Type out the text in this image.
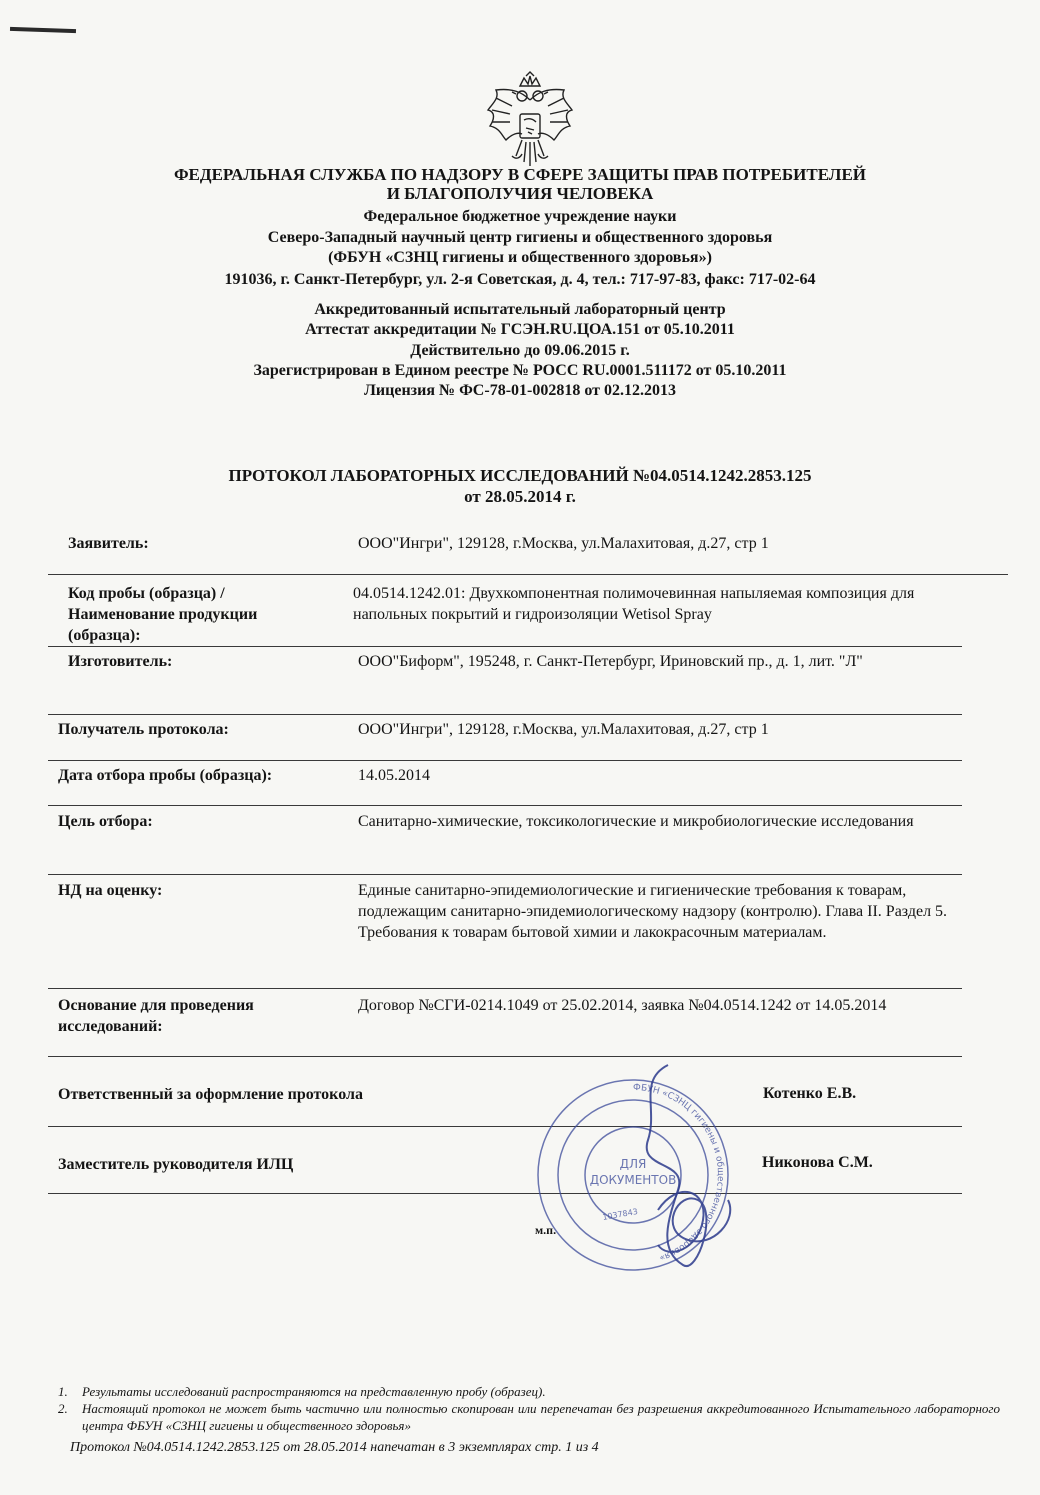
ФЕДЕРАЛЬНАЯ СЛУЖБА ПО НАДЗОРУ В СФЕРЕ ЗАЩИТЫ ПРАВ ПОТРЕБИТЕЛЕЙ
И БЛАГОПОЛУЧИЯ ЧЕЛОВЕКА
Федеральное бюджетное учреждение науки
Северо-Западный научный центр гигиены и общественного здоровья
(ФБУН «СЗНЦ гигиены и общественного здоровья»)
191036, г. Санкт-Петербург, ул. 2-я Советская, д. 4, тел.: 717-97-83, факс: 717-02-64
Аккредитованный испытательный лабораторный центр
Аттестат аккредитации № ГСЭН.RU.ЦОА.151 от 05.10.2011
Действительно до 09.06.2015 г.
Зарегистрирован в Едином реестре № РОСС RU.0001.511172 от 05.10.2011
Лицензия № ФС-78-01-002818 от 02.12.2013
ПРОТОКОЛ ЛАБОРАТОРНЫХ ИССЛЕДОВАНИЙ №04.0514.1242.2853.125
от 28.05.2014 г.
Заявитель:	ООО"Ингри", 129128, г.Москва, ул.Малахитовая, д.27, стр 1
Код пробы (образца) / Наименование продукции (образца):
04.0514.1242.01: Двухкомпонентная полимочевинная напыляемая композиция для напольных покрытий и гидроизоляции Wetisol Spray
Изготовитель:	ООО"Биформ", 195248, г. Санкт-Петербург, Ириновский пр., д. 1, лит. "Л"
Получатель протокола:	ООО"Ингри", 129128, г.Москва, ул.Малахитовая, д.27, стр 1
Дата отбора пробы (образца):	14.05.2014
Цель отбора:	Санитарно-химические, токсикологические и микробиологические исследования
НД на оценку:	Единые санитарно-эпидемиологические и гигиенические требования к товарам, подлежащим санитарно-эпидемиологическому надзору (контролю). Глава II. Раздел 5. Требования к товарам бытовой химии и лакокрасочным материалам.
Основание для проведения исследований:
Договор №СГИ-0214.1049 от 25.02.2014, заявка №04.0514.1242 от 14.05.2014
Ответственный за оформление протокола	Котенко Е.В.
Заместитель руководителя ИЛЦ	Никонова С.М.
ФБУН «СЗНЦ гигиены и общественного здоровья»
ДЛЯ
ДОКУМЕНТОВ
1037843
м.п.
1. Результаты исследований распространяются на представленную пробу (образец).
2. Настоящий протокол не может быть частично или полностью скопирован или перепечатан без разрешения аккредитованного Испытательного лабораторного центра ФБУН «СЗНЦ гигиены и общественного здоровья»
Протокол №04.0514.1242.2853.125 от 28.05.2014 напечатан в 3 экземплярах стр. 1 из 4
